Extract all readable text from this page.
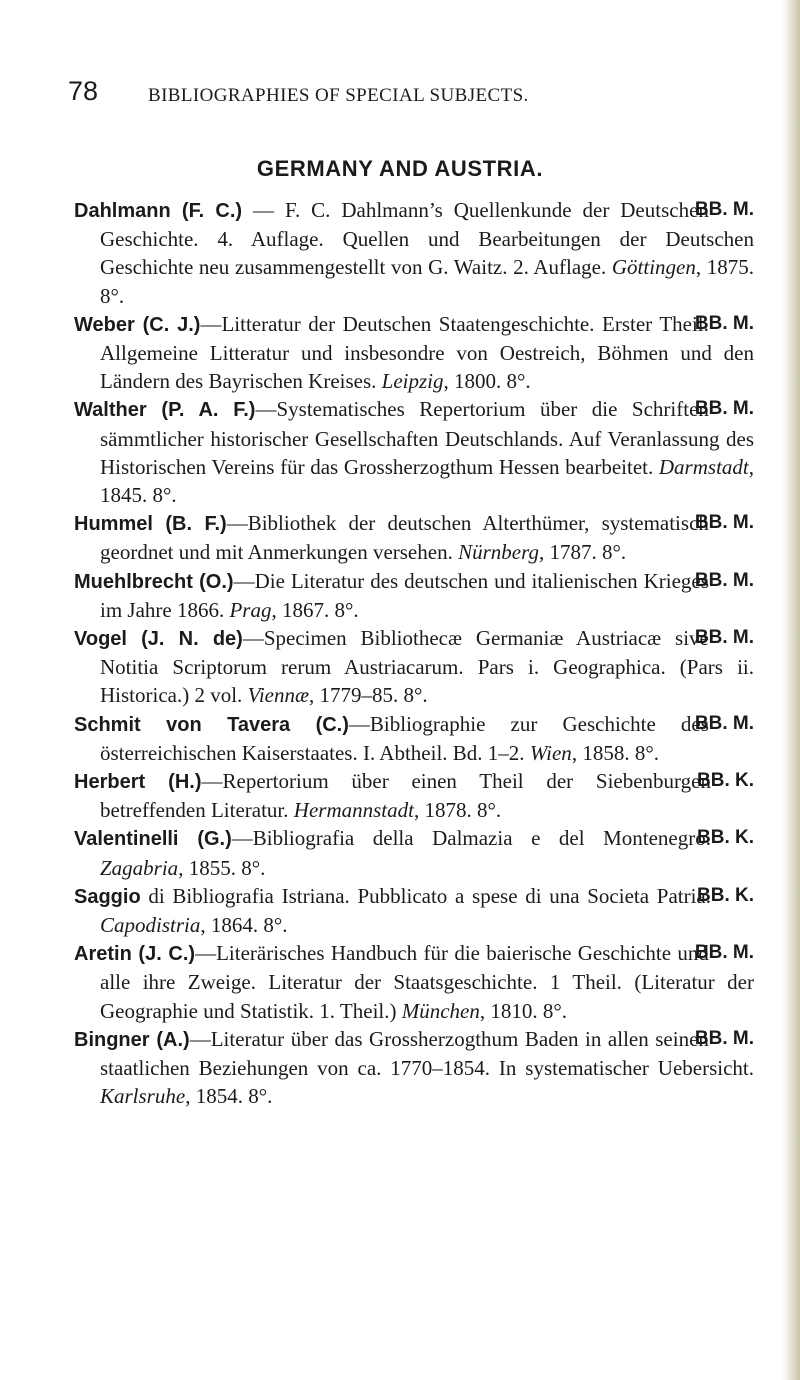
78	BIBLIOGRAPHIES OF SPECIAL SUBJECTS.
GERMANY AND AUSTRIA.
BB. M.
Dahlmann (F. C.) — F. C. Dahlmann’s Quellenkunde der Deutschen Geschichte. 4. Auflage. Quellen und Bearbeitungen der Deutschen Geschichte neu zusammengestellt von G. Waitz. 2. Auflage. Göttingen, 1875. 8°.
BB. M.
Weber (C. J.)—Litteratur der Deutschen Staatengeschichte. Erster Theil. Allgemeine Litteratur und insbesondre von Oestreich, Böhmen und den Ländern des Bayrischen Kreises. Leipzig, 1800. 8°.
BB. M.
Walther (P. A. F.)—Systematisches Repertorium über die Schriften sämmtlicher historischer Gesellschaften Deutschlands. Auf Veranlassung des Historischen Vereins für das Grossherzogthum Hessen bearbeitet. Darmstadt, 1845. 8°.
BB. M.
Hummel (B. F.)—Bibliothek der deutschen Alterthümer, systematisch geordnet und mit Anmerkungen versehen. Nürnberg, 1787. 8°.
BB. M.
Muehlbrecht (O.)—Die Literatur des deutschen und italienischen Krieges im Jahre 1866. Prag, 1867. 8°.
BB. M.
Vogel (J. N. de)—Specimen Bibliothecæ Germaniæ Austriacæ sive Notitia Scriptorum rerum Austriacarum. Pars i. Geographica. (Pars ii. Historica.) 2 vol. Viennæ, 1779–85. 8°.
BB. M.
Schmit von Tavera (C.)—Bibliographie zur Geschichte des österreichischen Kaiserstaates. I. Abtheil. Bd. 1–2. Wien, 1858. 8°.
BB. K.
Herbert (H.)—Repertorium über einen Theil der Siebenburgen betreffenden Literatur. Hermannstadt, 1878. 8°.
BB. K.
Valentinelli (G.)—Bibliografia della Dalmazia e del Montenegro. Zagabria, 1855. 8°.
BB. K.
Saggio di Bibliografia Istriana. Pubblicato a spese di una Societa Patria. Capodistria, 1864. 8°.
BB. M.
Aretin (J. C.)—Literärisches Handbuch für die baierische Geschichte und alle ihre Zweige. Literatur der Staatsgeschichte. 1 Theil. (Literatur der Geographie und Statistik. 1. Theil.) München, 1810. 8°.
BB. M.
Bingner (A.)—Literatur über das Grossherzogthum Baden in allen seinen staatlichen Beziehungen von ca. 1770–1854. In systematischer Uebersicht. Karlsruhe, 1854. 8°.
